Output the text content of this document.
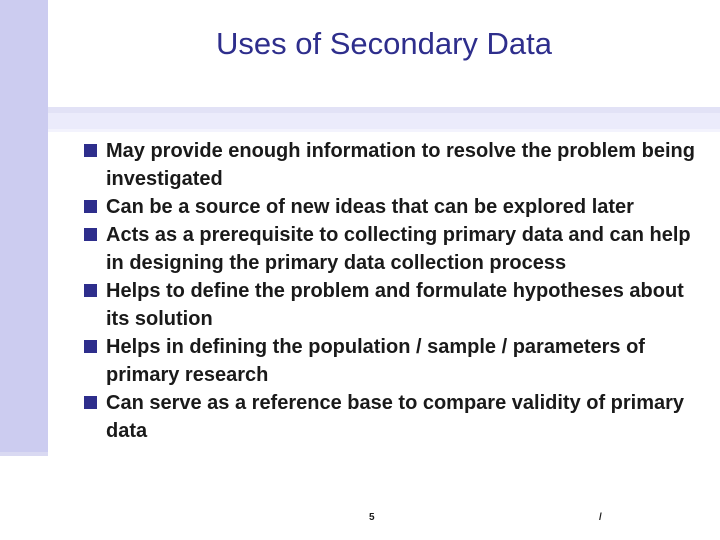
Uses of Secondary Data
May provide enough information to resolve the problem being investigated
Can be a source of new ideas that can be explored later
Acts as a prerequisite to collecting primary data and can help in designing the primary data collection process
Helps to define the problem and formulate hypotheses about its solution
Helps in defining the population / sample / parameters of primary research
Can serve as a reference base to compare validity of primary data
5	/
